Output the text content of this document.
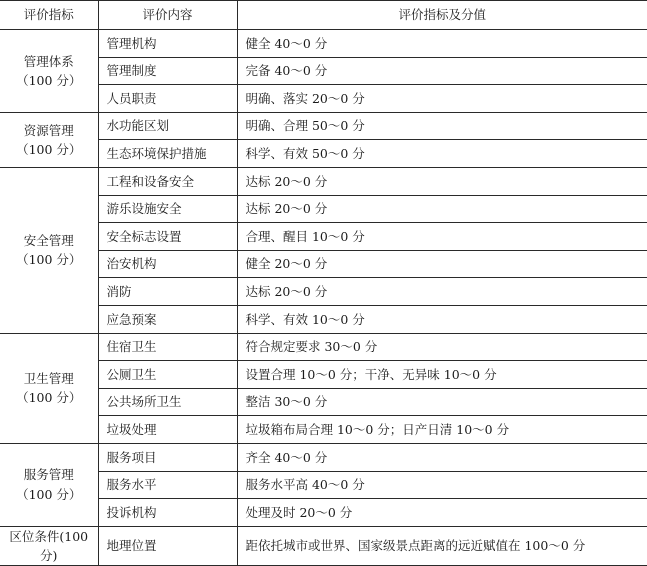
评价指标	评价内容	评价指标及分值

管理体系
（100 分）	管理机构	健全 40～0 分
	管理制度	完备 40～0 分
	人员职责	明确、落实 20～0 分

资源管理
（100 分）	水功能区划	明确、合理 50～0 分
	生态环境保护措施	科学、有效 50～0 分

安全管理
（100 分）	工程和设备安全	达标 20～0 分
	游乐设施安全	达标 20～0 分
	安全标志设置	合理、醒目 10～0 分
	治安机构	健全 20～0 分
	消防	达标 20～0 分
	应急预案	科学、有效 10～0 分

卫生管理
（100 分）	住宿卫生	符合规定要求 30～0 分
	公厕卫生	设置合理 10～0 分；干净、无异味 10～0 分
	公共场所卫生	整洁 30～0 分
	垃圾处理	垃圾箱布局合理 10～0 分；日产日清 10～0 分

服务管理
（100 分）	服务项目	齐全 40～0 分
	服务水平	服务水平高 40～0 分
	投诉机构	处理及时 20～0 分

区位条件(100 分)	地理位置	距依托城市或世界、国家级景点距离的远近赋值在 100～0 分
